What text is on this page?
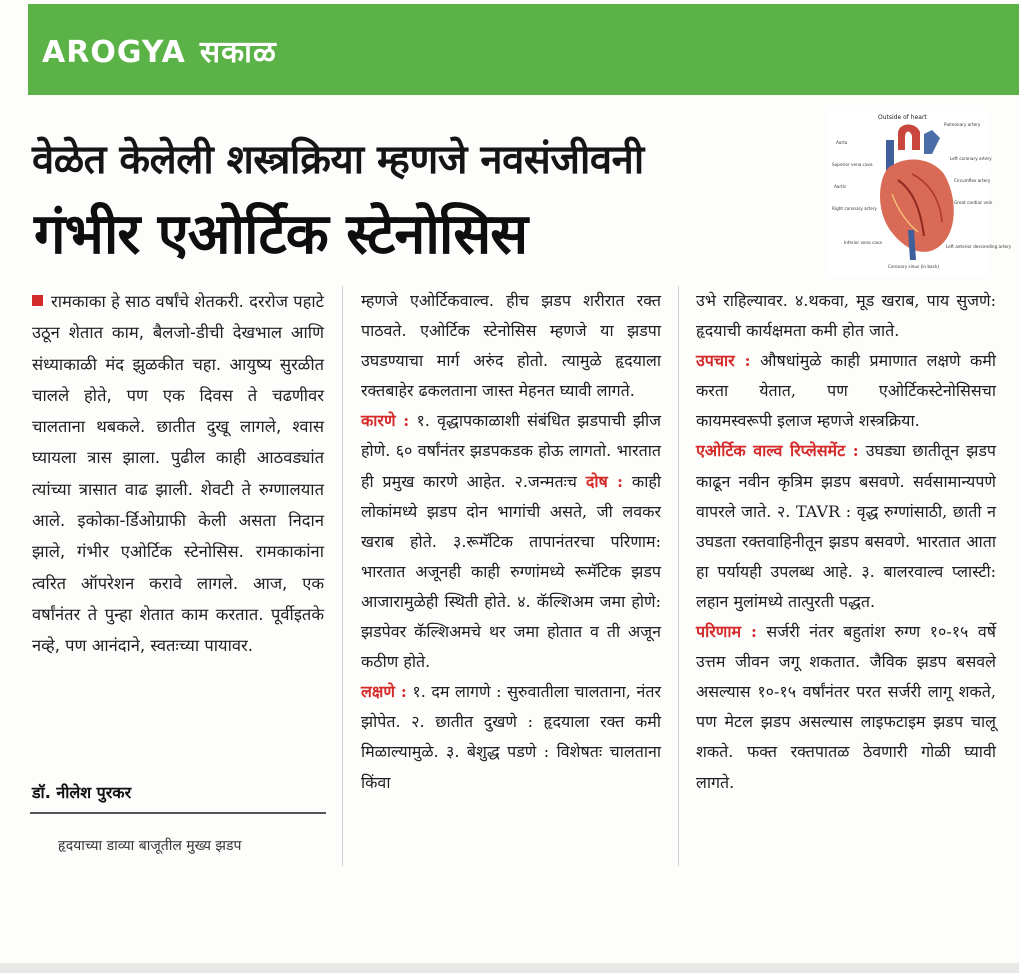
AROGYA सकाळ
वेळेत केलेली शस्त्रक्रिया म्हणजे नवसंजीवनी
गंभीर एओर्टिक स्टेनोसिस
Outside of heart
Aorta
Pulmonary artery
Superior vena cava
Left coronary artery
Aortic
Circumflex artery
Right coronary artery
Great cardiac vein
Inferior vena cava
Left anterior descending artery
Coronary sinus (in back)

रामकाका हे साठ वर्षांचे शेतकरी. दररोज पहाटे उठून शेतात काम, बैलजो-डीची देखभाल आणि संध्याकाळी मंद झुळकीत चहा. आयुष्य सुरळीत चालले होते, पण एक दिवस ते चढणीवर चालताना थबकले. छातीत दुखू लागले, श्वास घ्यायला त्रास झाला. पुढील काही आठवड्यांत त्यांच्या त्रासात वाढ झाली. शेवटी ते रुग्णालयात आले. इकोका-र्डिओग्राफी केली असता निदान झाले, गंभीर एओर्टिक स्टेनोसिस. रामकाकांना त्वरित ऑपरेशन करावे लागले. आज, एक वर्षांनंतर ते पुन्हा शेतात काम करतात. पूर्वीइतके नव्हे, पण आनंदाने, स्वतःच्या पायावर.

डॉ. नीलेश पुरकर
हृदयाच्या डाव्या बाजूतील मुख्य झडप

म्हणजे एओर्टिकवाल्व. हीच झडप शरीरात रक्त पाठवते. एओर्टिक स्टेनोसिस म्हणजे या झडपा उघडण्याचा मार्ग अरुंद होतो. त्यामुळे हृदयाला रक्तबाहेर ढकलताना जास्त मेहनत घ्यावी लागते.

कारणे : १. वृद्धापकाळाशी संबंधित झडपाची झीज होणे. ६० वर्षांनंतर झडपकडक होऊ लागतो. भारतात ही प्रमुख कारणे आहेत. २.जन्मतःच दोष : काही लोकांमध्ये झडप दोन भागांची असते, जी लवकर खराब होते. ३.रूमॅटिक तापानंतरचा परिणाम: भारतात अजूनही काही रुग्णांमध्ये रूमॅटिक झडप आजारामुळेही स्थिती होते. ४. कॅल्शिअम जमा होणे: झडपेवर कॅल्शिअमचे थर जमा होतात व ती अजून कठीण होते.

लक्षणे : १. दम लागणे : सुरुवातीला चालताना, नंतर झोपेत. २. छातीत दुखणे : हृदयाला रक्त कमी मिळाल्यामुळे. ३. बेशुद्ध पडणे : विशेषतः चालताना किंवा

उभे राहिल्यावर. ४.थकवा, मूड खराब, पाय सुजणे: हृदयाची कार्यक्षमता कमी होत जाते.

उपचार : औषधांमुळे काही प्रमाणात लक्षणे कमी करता येतात, पण एओर्टिकस्टेनोसिसचा कायमस्वरूपी इलाज म्हणजे शस्त्रक्रिया.

एओर्टिक वाल्व रिप्लेसमेंट : उघड्या छातीतून झडप काढून नवीन कृत्रिम झडप बसवणे. सर्वसामान्यपणे वापरले जाते. २. TAVR : वृद्ध रुग्णांसाठी, छाती न उघडता रक्तवाहिनीतून झडप बसवणे. भारतात आता हा पर्यायही उपलब्ध आहे. ३. बालरवाल्व प्लास्टी: लहान मुलांमध्ये तात्पुरती पद्धत.

परिणाम : सर्जरी नंतर बहुतांश रुग्ण १०-१५ वर्षे उत्तम जीवन जगू शकतात. जैविक झडप बसवले असल्यास १०-१५ वर्षांनंतर परत सर्जरी लागू शकते, पण मेटल झडप असल्यास लाइफटाइम झडप चालू शकते. फक्त रक्तपातळ ठेवणारी गोळी घ्यावी लागते.
